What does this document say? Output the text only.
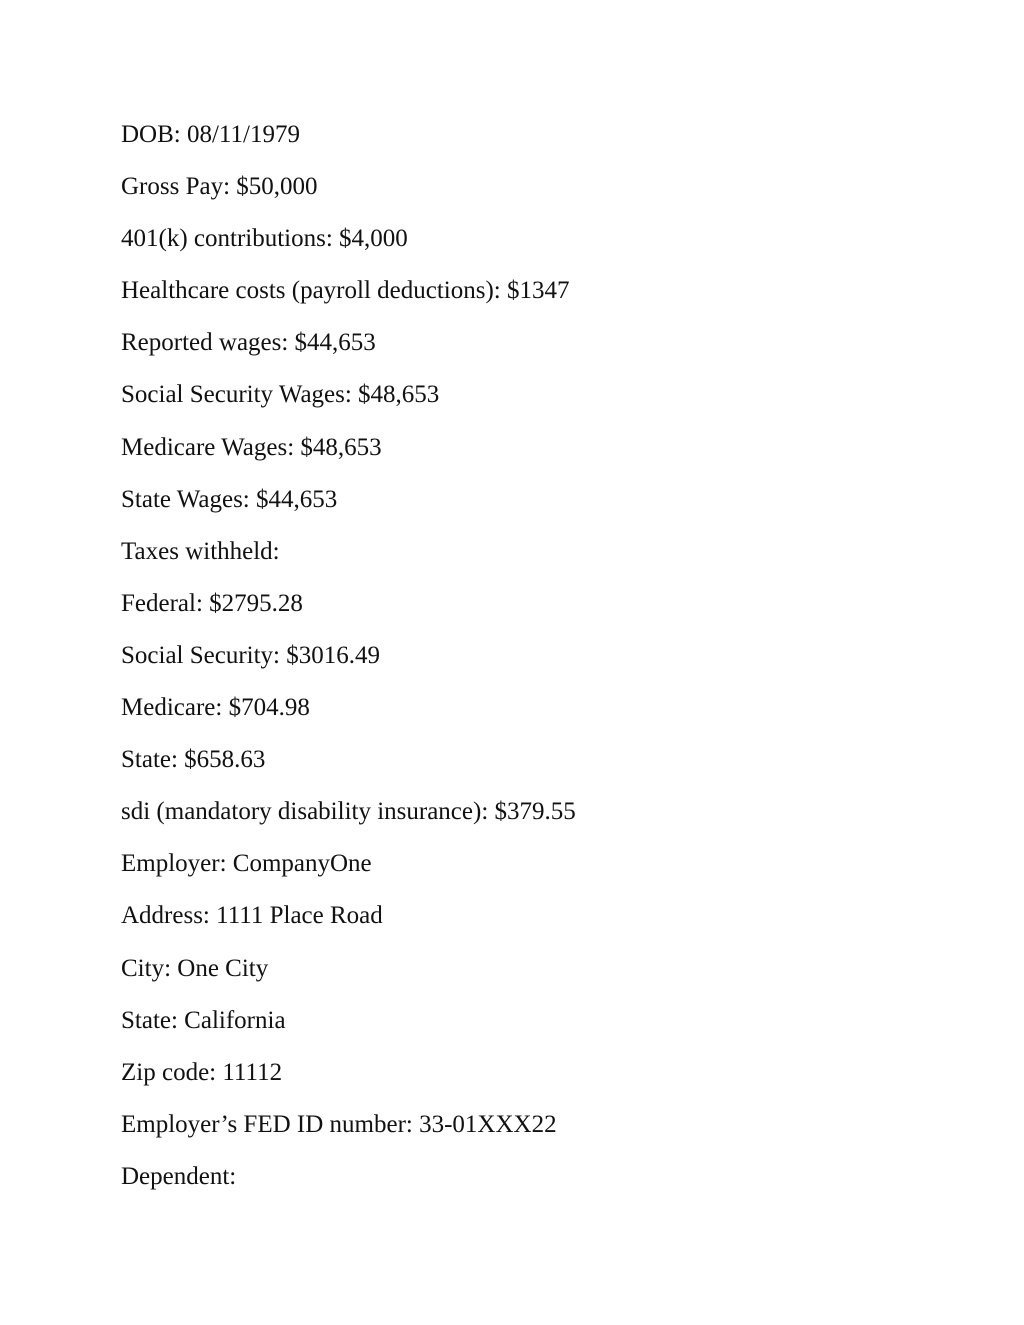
DOB: 08/11/1979

Gross Pay: $50,000

401(k) contributions: $4,000

Healthcare costs (payroll deductions): $1347

Reported wages: $44,653

Social Security Wages: $48,653

Medicare Wages: $48,653

State Wages: $44,653

Taxes withheld:

Federal: $2795.28

Social Security: $3016.49

Medicare: $704.98

State: $658.63

sdi (mandatory disability insurance): $379.55

Employer: CompanyOne

Address: 1111 Place Road

City: One City

State: California

Zip code: 11112

Employer’s FED ID number: 33-01XXX22

Dependent:
